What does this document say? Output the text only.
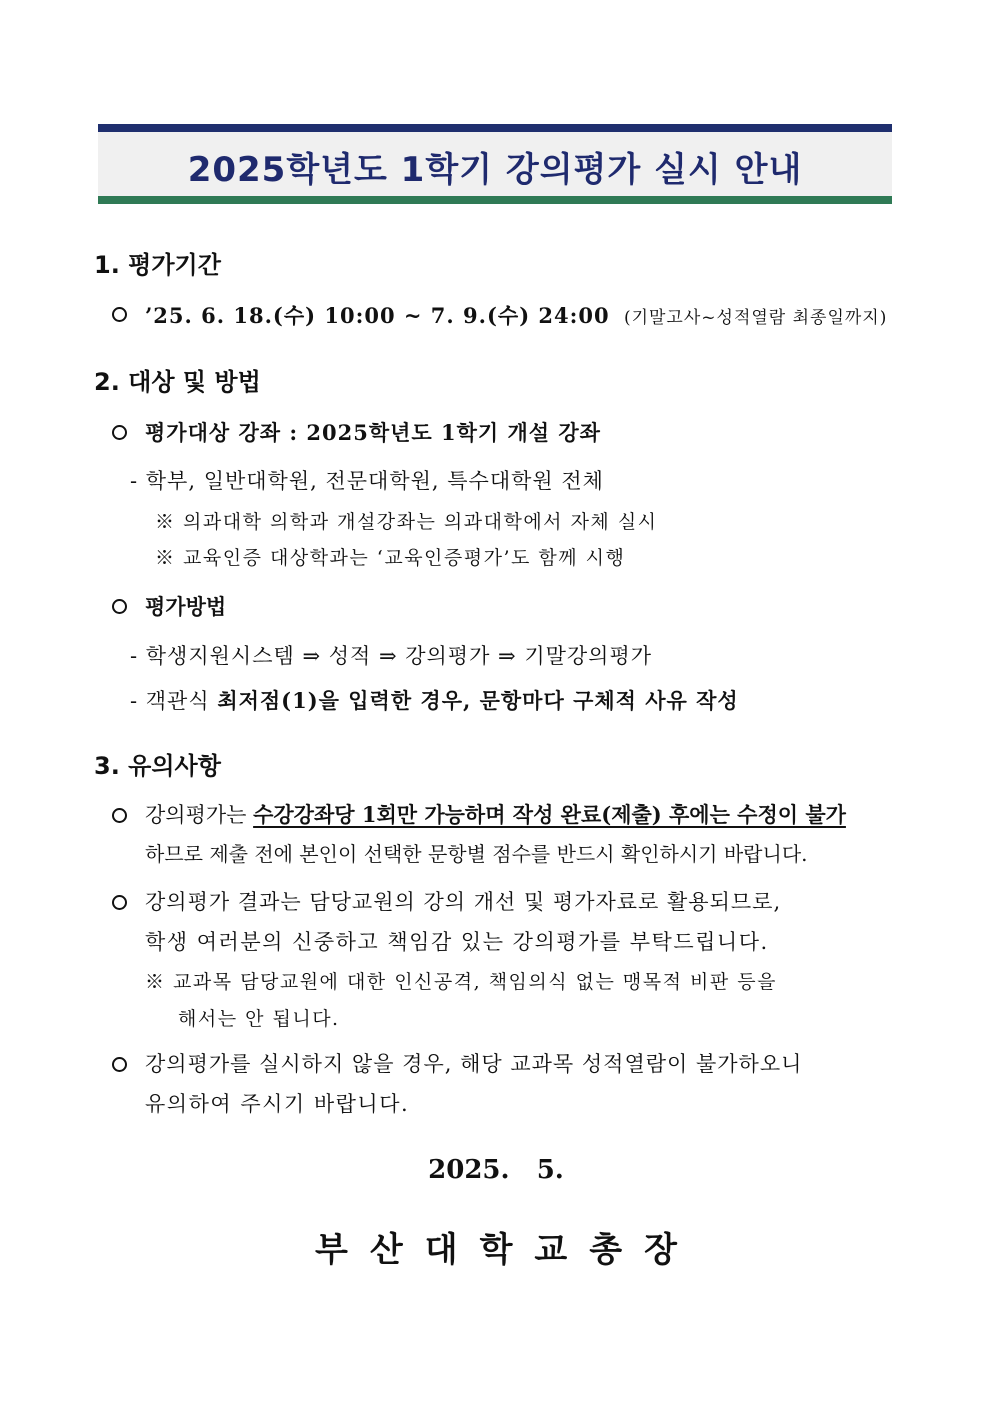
2025학년도 1학기 강의평가 실시 안내
1. 평가기간
’25. 6. 18.(수) 10:00 ~ 7. 9.(수) 24:00 (기말고사~성적열람 최종일까지)
2. 대상 및 방법
평가대상 강좌 : 2025학년도 1학기 개설 강좌
- 학부, 일반대학원, 전문대학원, 특수대학원 전체
※ 의과대학 의학과 개설강좌는 의과대학에서 자체 실시
※ 교육인증 대상학과는 ‘교육인증평가’도 함께 시행
평가방법
- 학생지원시스템 ⇒ 성적 ⇒ 강의평가 ⇒ 기말강의평가
- 객관식 최저점(1)을 입력한 경우, 문항마다 구체적 사유 작성
3. 유의사항
강의평가는 수강강좌당 1회만 가능하며 작성 완료(제출) 후에는 수정이 불가
하므로 제출 전에 본인이 선택한 문항별 점수를 반드시 확인하시기 바랍니다.
강의평가 결과는 담당교원의 강의 개선 및 평가자료로 활용되므로,
학생 여러분의 신중하고 책임감 있는 강의평가를 부탁드립니다.
※ 교과목 담당교원에 대한 인신공격, 책임의식 없는 맹목적 비판 등을
해서는 안 됩니다.
강의평가를 실시하지 않을 경우, 해당 교과목 성적열람이 불가하오니
유의하여 주시기 바랍니다.
2025.   5.
부산대학교총장
